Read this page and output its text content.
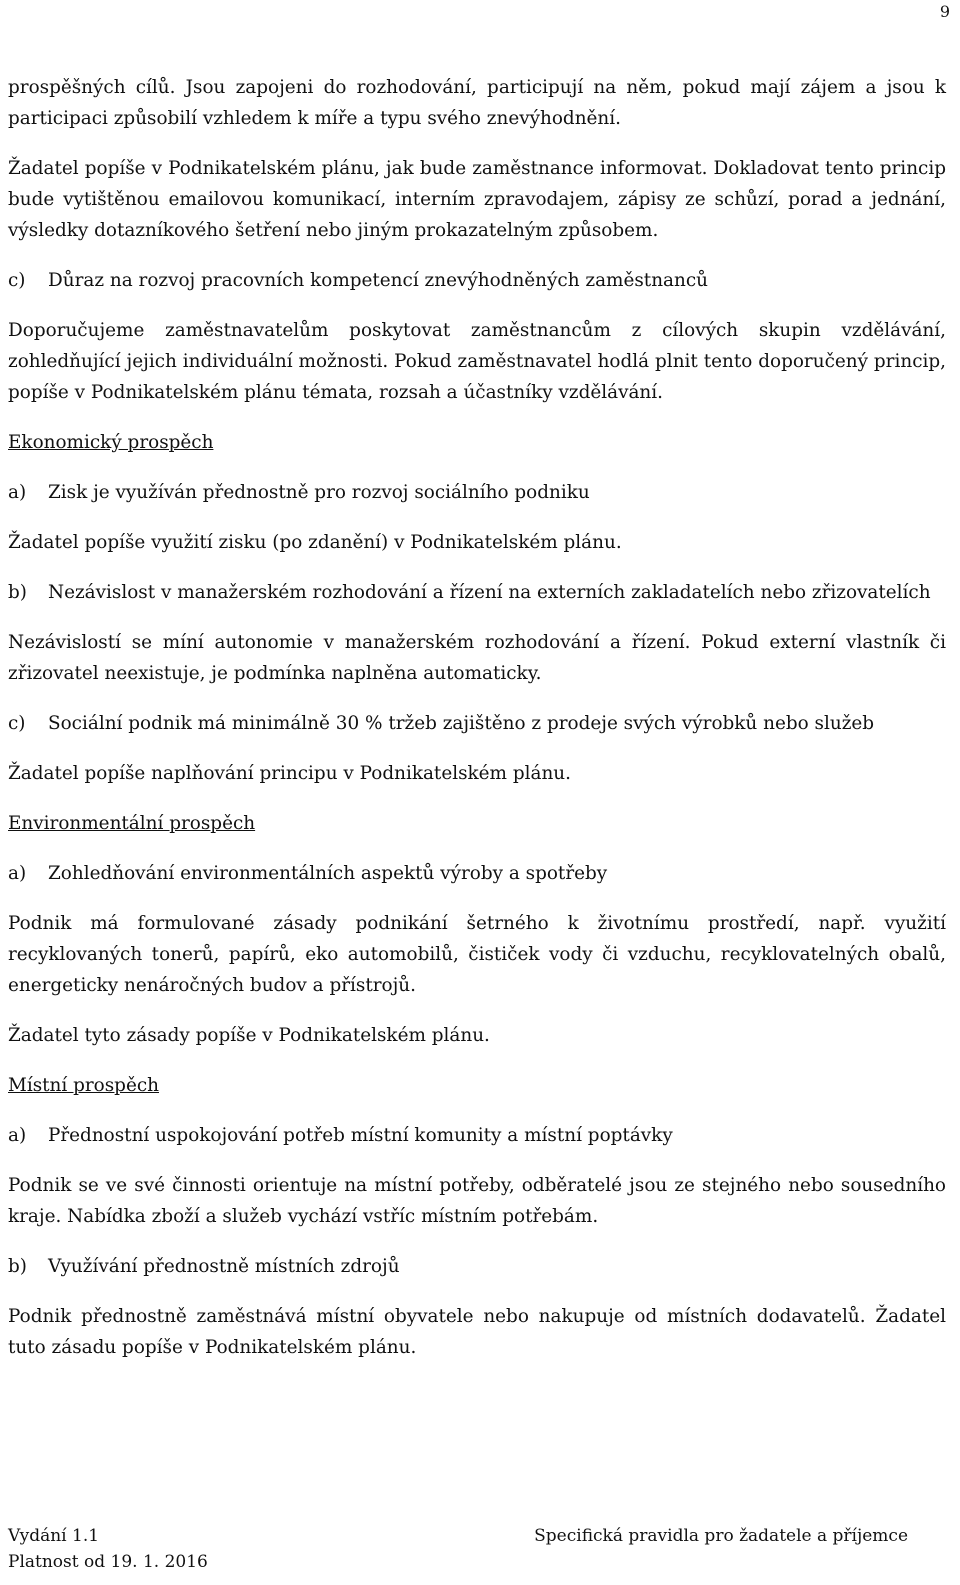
9

prospěšných cílů. Jsou zapojeni do rozhodování, participují na něm, pokud mají zájem a jsou k participaci způsobilí vzhledem k míře a typu svého znevýhodnění.

Žadatel popíše v Podnikatelském plánu, jak bude zaměstnance informovat. Dokladovat tento princip bude vytištěnou emailovou komunikací, interním zpravodajem, zápisy ze schůzí, porad a jednání, výsledky dotazníkového šetření nebo jiným prokazatelným způsobem.

c)	Důraz na rozvoj pracovních kompetencí znevýhodněných zaměstnanců

Doporučujeme zaměstnavatelům poskytovat zaměstnancům z cílových skupin vzdělávání, zohledňující jejich individuální možnosti. Pokud zaměstnavatel hodlá plnit tento doporučený princip, popíše v Podnikatelském plánu témata, rozsah a účastníky vzdělávání.

Ekonomický prospěch

a)	Zisk je využíván přednostně pro rozvoj sociálního podniku

Žadatel popíše využití zisku (po zdanění) v Podnikatelském plánu.

b)	Nezávislost v manažerském rozhodování a řízení na externích zakladatelích nebo zřizovatelích

Nezávislostí se míní autonomie v manažerském rozhodování a řízení. Pokud externí vlastník či zřizovatel neexistuje, je podmínka naplněna automaticky.

c)	Sociální podnik má minimálně 30 % tržeb zajištěno z prodeje svých výrobků nebo služeb

Žadatel popíše naplňování principu v Podnikatelském plánu.

Environmentální prospěch

a)	Zohledňování environmentálních aspektů výroby a spotřeby

Podnik má formulované zásady podnikání šetrného k životnímu prostředí, např. využití recyklovaných tonerů, papírů, eko automobilů, čističek vody či vzduchu, recyklovatelných obalů, energeticky nenáročných budov a přístrojů.

Žadatel tyto zásady popíše v Podnikatelském plánu.

Místní prospěch

a)	Přednostní uspokojování potřeb místní komunity a místní poptávky

Podnik se ve své činnosti orientuje na místní potřeby, odběratelé jsou ze stejného nebo sousedního kraje. Nabídka zboží a služeb vychází vstříc místním potřebám.

b)	Využívání přednostně místních zdrojů

Podnik přednostně zaměstnává místní obyvatele nebo nakupuje od místních dodavatelů. Žadatel tuto zásadu popíše v Podnikatelském plánu.

Vydání 1.1	Specifická pravidla pro žadatele a příjemce
Platnost od 19. 1. 2016
